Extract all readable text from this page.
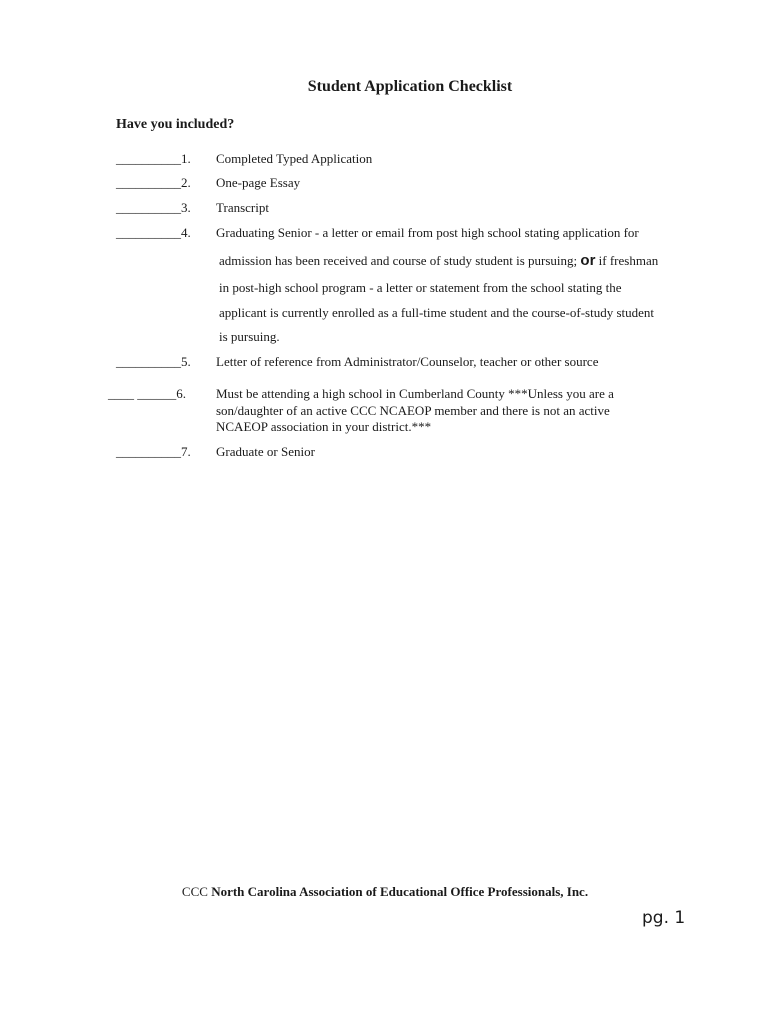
Student Application Checklist
Have you included?
__________1. Completed Typed Application
__________2. One-page Essay
__________3. Transcript
__________4. Graduating Senior - a letter or email from post high school stating application for
admission has been received and course of study student is pursuing; or if freshman
in post-high school program - a letter or statement from the school stating the
applicant is currently enrolled as a full-time student and the course-of-study student
is pursuing.
__________5. Letter of reference from Administrator/Counselor, teacher or other source
____ ______6. Must be attending a high school in Cumberland County ***Unless you are a
son/daughter of an active CCC NCAEOP member and there is not an active
NCAEOP association in your district.***
__________7. Graduate or Senior
CCC North Carolina Association of Educational Office Professionals, Inc.
pg. 1
